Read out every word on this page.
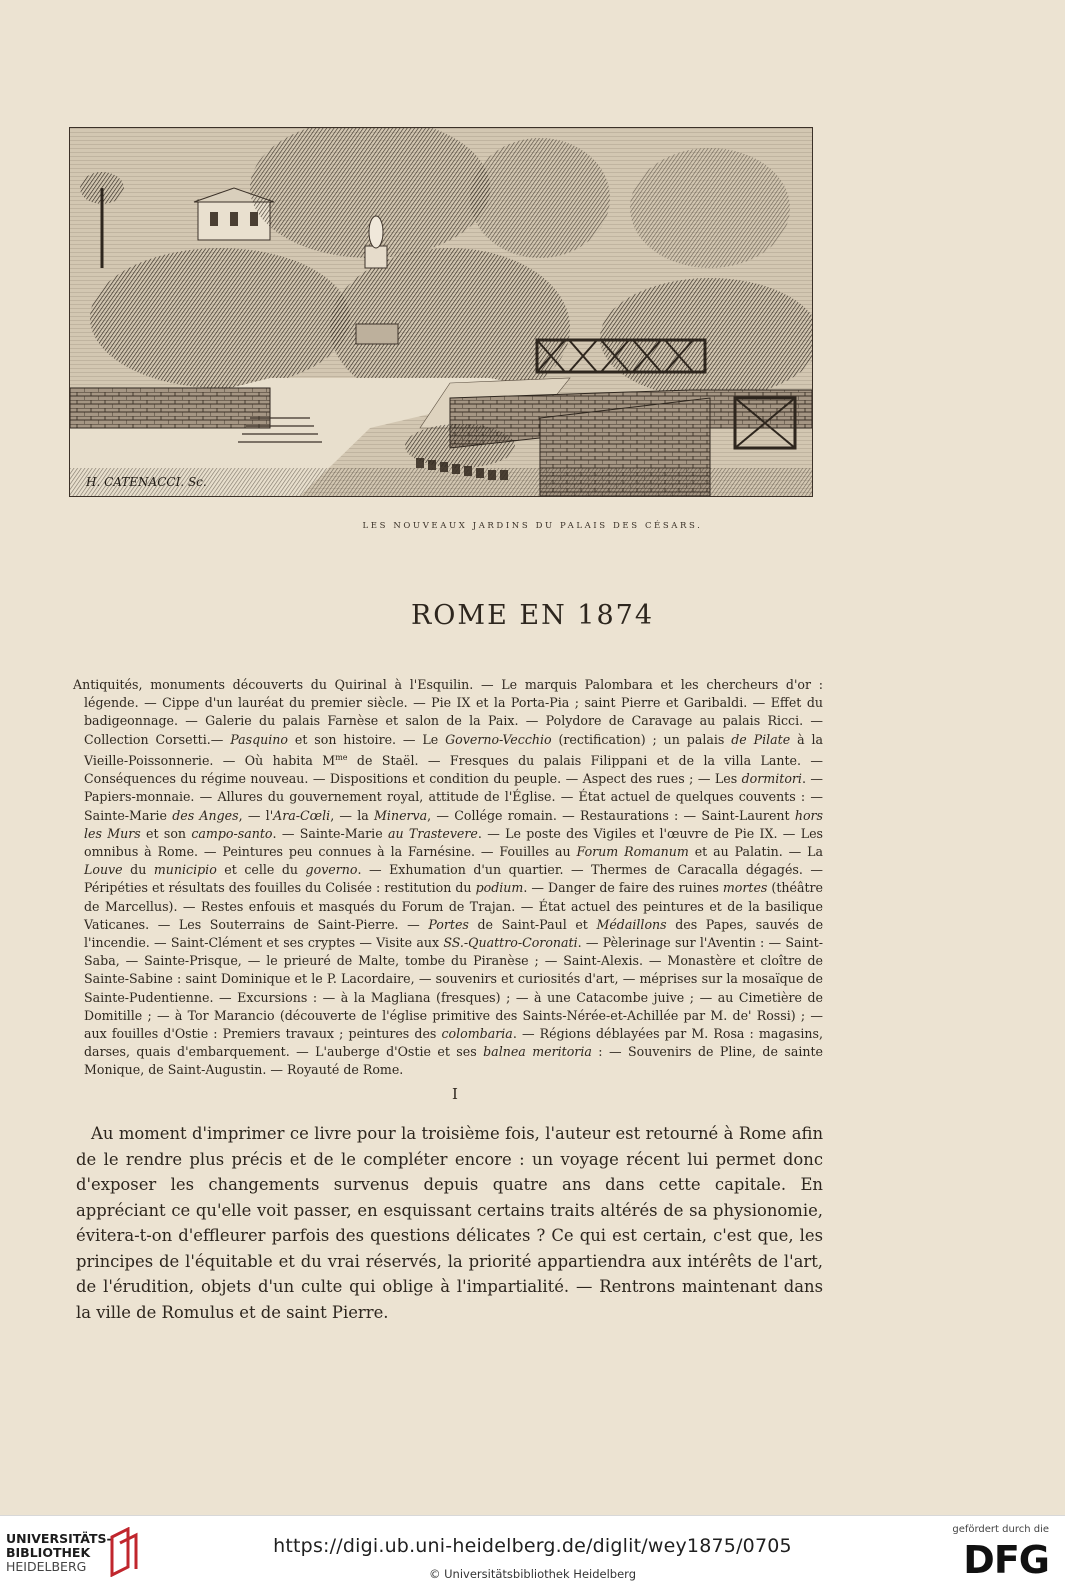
H. CATENACCI. Sc.
LES NOUVEAUX JARDINS DU PALAIS DES CÉSARS.
ROME EN 1874

Antiquités, monuments découverts du Quirinal à l'Esquilin. — Le marquis Palombara et les chercheurs d'or : légende. — Cippe d'un lauréat du premier siècle. — Pie IX et la Porta-Pia ; saint Pierre et Garibaldi. — Effet du badigeonnage. — Galerie du palais Farnèse et salon de la Paix. — Polydore de Caravage au palais Ricci. — Collection Corsetti.— Pasquino et son histoire. — Le Governo-Vecchio (rectification) ; un palais de Pilate à la Vieille-Poissonnerie. — Où habita $M^{me}$ de Staël. — Fresques du palais Filippani et de la villa Lante. — Conséquences du régime nouveau. — Dispositions et condition du peuple. — Aspect des rues ; — Les dormitori. — Papiers-monnaie. — Allures du gouvernement royal, attitude de l'Église. — État actuel de quelques couvents : — Sainte-Marie des Anges, — l'Ara-Cœli, — la Minerva, — Collége romain. — Restaurations : — Saint-Laurent hors les Murs et son campo-santo. — Sainte-Marie au Trastevere. — Le poste des Vigiles et l'œuvre de Pie IX. — Les omnibus à Rome. — Peintures peu connues à la Farnésine. — Fouilles au Forum Romanum et au Palatin. — La Louve du municipio et celle du governo. — Exhumation d'un quartier. — Thermes de Caracalla dégagés. — Péripéties et résultats des fouilles du Colisée : restitution du podium. — Danger de faire des ruines mortes (théâtre de Marcellus). — Restes enfouis et masqués du Forum de Trajan. — État actuel des peintures et de la basilique Vaticanes. — Les Souterrains de Saint-Pierre. — Portes de Saint-Paul et Médaillons des Papes, sauvés de l'incendie. — Saint-Clément et ses cryptes — Visite aux SS.-Quattro-Coronati. — Pèlerinage sur l'Aventin : — Saint-Saba, — Sainte-Prisque, — le prieuré de Malte, tombe du Piranèse ; — Saint-Alexis. — Monastère et cloître de Sainte-Sabine : saint Dominique et le P. Lacordaire, — souvenirs et curiosités d'art, — méprises sur la mosaïque de Sainte-Pudentienne. — Excursions : — à la Magliana (fresques) ; — à une Catacombe juive ; — au Cimetière de Domitille ; — à Tor Marancio (découverte de l'église primitive des Saints-Nérée-et-Achillée par M. de' Rossi) ; — aux fouilles d'Ostie : Premiers travaux ; peintures des colombaria. — Régions déblayées par M. Rosa : magasins, darses, quais d'embarquement. — L'auberge d'Ostie et ses balnea meritoria : — Souvenirs de Pline, de sainte Monique, de Saint-Augustin. — Royauté de Rome.

I

Au moment d'imprimer ce livre pour la troisième fois, l'auteur est retourné à Rome afin de le rendre plus précis et de le compléter encore : un voyage récent lui permet donc d'exposer les changements survenus depuis quatre ans dans cette capitale. En appréciant ce qu'elle voit passer, en esquissant certains traits altérés de sa physionomie, évitera-t-on d'effleurer parfois des questions délicates ? Ce qui est certain, c'est que, les principes de l'équitable et du vrai réservés, la priorité appartiendra aux intérêts de l'art, de l'érudition, objets d'un culte qui oblige à l'impartialité. — Rentrons maintenant dans la ville de Romulus et de saint Pierre.

UNIVERSITÄTS-
BIBLIOTHEK
HEIDELBERG
https://digi.ub.uni-heidelberg.de/diglit/wey1875/0705
© Universitätsbibliothek Heidelberg
gefördert durch die
DFG
